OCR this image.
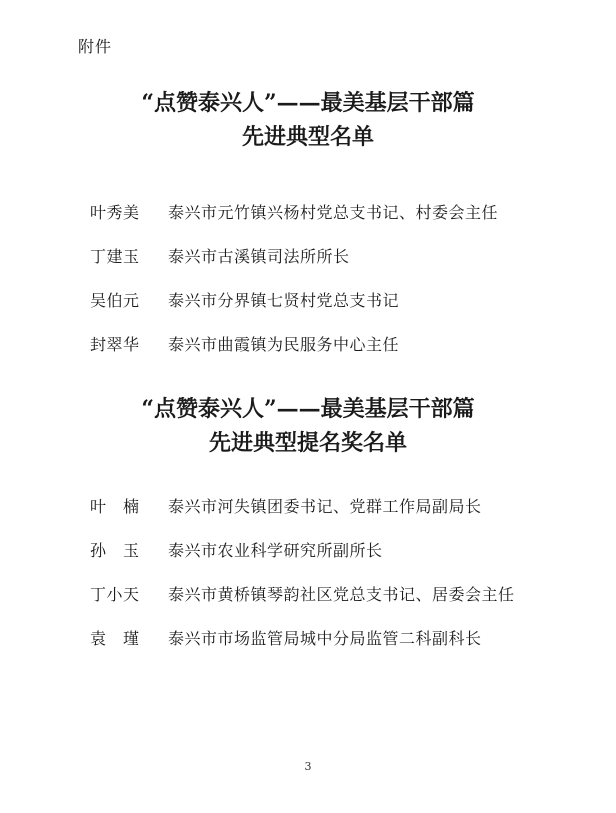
附件
“点赞泰兴人”——最美基层干部篇
先进典型名单
叶秀美	泰兴市元竹镇兴杨村党总支书记、村委会主任
丁建玉	泰兴市古溪镇司法所所长
吴伯元	泰兴市分界镇七贤村党总支书记
封翠华	泰兴市曲霞镇为民服务中心主任
“点赞泰兴人”——最美基层干部篇
先进典型提名奖名单
叶　楠	泰兴市河失镇团委书记、党群工作局副局长
孙　玉	泰兴市农业科学研究所副所长
丁小天	泰兴市黄桥镇琴韵社区党总支书记、居委会主任
袁　瑾	泰兴市市场监管局城中分局监管二科副科长
3
